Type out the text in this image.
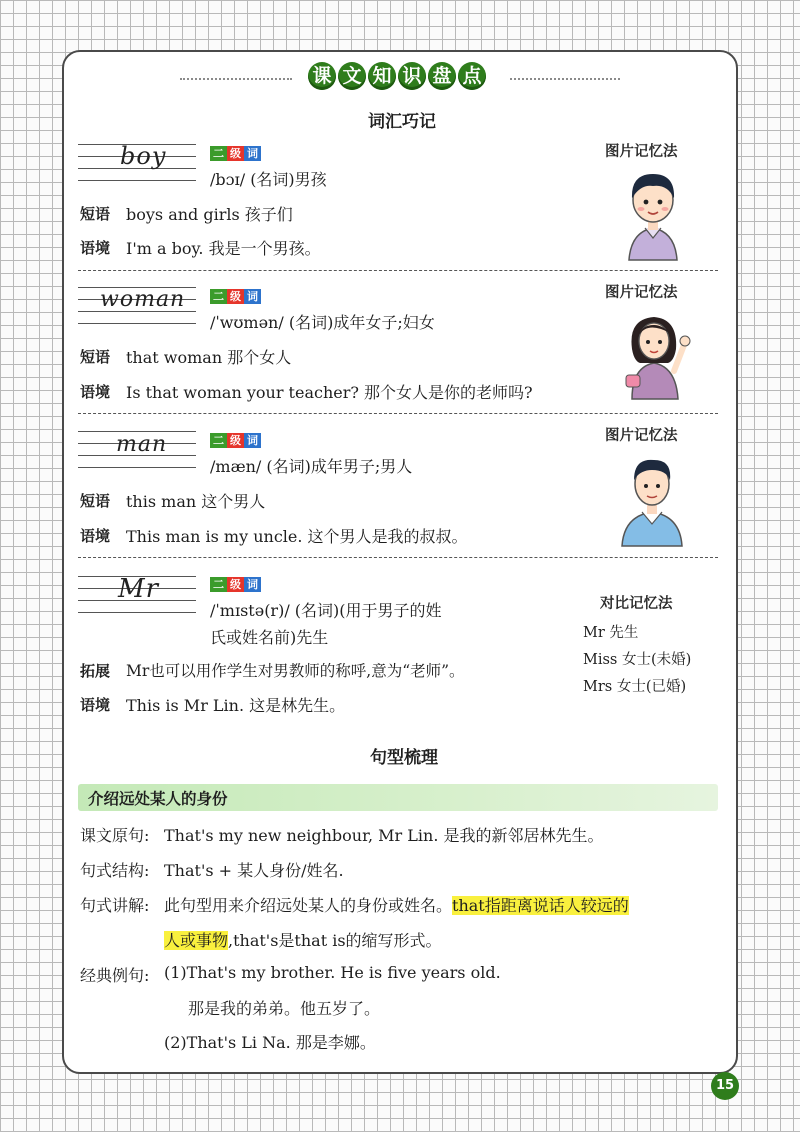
课 文 知 识 盘 点
词汇巧记
boy	二 级 词
/bɔɪ/ (名词)男孩
短语 boys and girls 孩子们
语境 I'm a boy. 我是一个男孩。
图片记忆法
woman	二 级 词
/ˈwʊmən/ (名词)成年女子;妇女
短语 that woman 那个女人
语境 Is that woman your teacher? 那个女人是你的老师吗?
图片记忆法
man	二 级 词
/mæn/ (名词)成年男子;男人
短语 this man 这个男人
语境 This man is my uncle. 这个男人是我的叔叔。
图片记忆法
Mr	二 级 词
/ˈmɪstə(r)/ (名词)(用于男子的姓
氏或姓名前)先生
拓展 Mr也可以用作学生对男教师的称呼,意为“老师”。
语境 This is Mr Lin. 这是林先生。
对比记忆法
Mr 先生
Miss 女士(未婚)
Mrs 女士(已婚)
句型梳理
介绍远处某人的身份
课文原句: That's my new neighbour, Mr Lin. 是我的新邻居林先生。
句式结构: That's + 某人身份/姓名.
句式讲解: 此句型用来介绍远处某人的身份或姓名。that指距离说话人较远的
人或事物,that's是that is的缩写形式。
经典例句: (1)That's my brother. He is five years old.
那是我的弟弟。他五岁了。
(2)That's Li Na. 那是李娜。
15
